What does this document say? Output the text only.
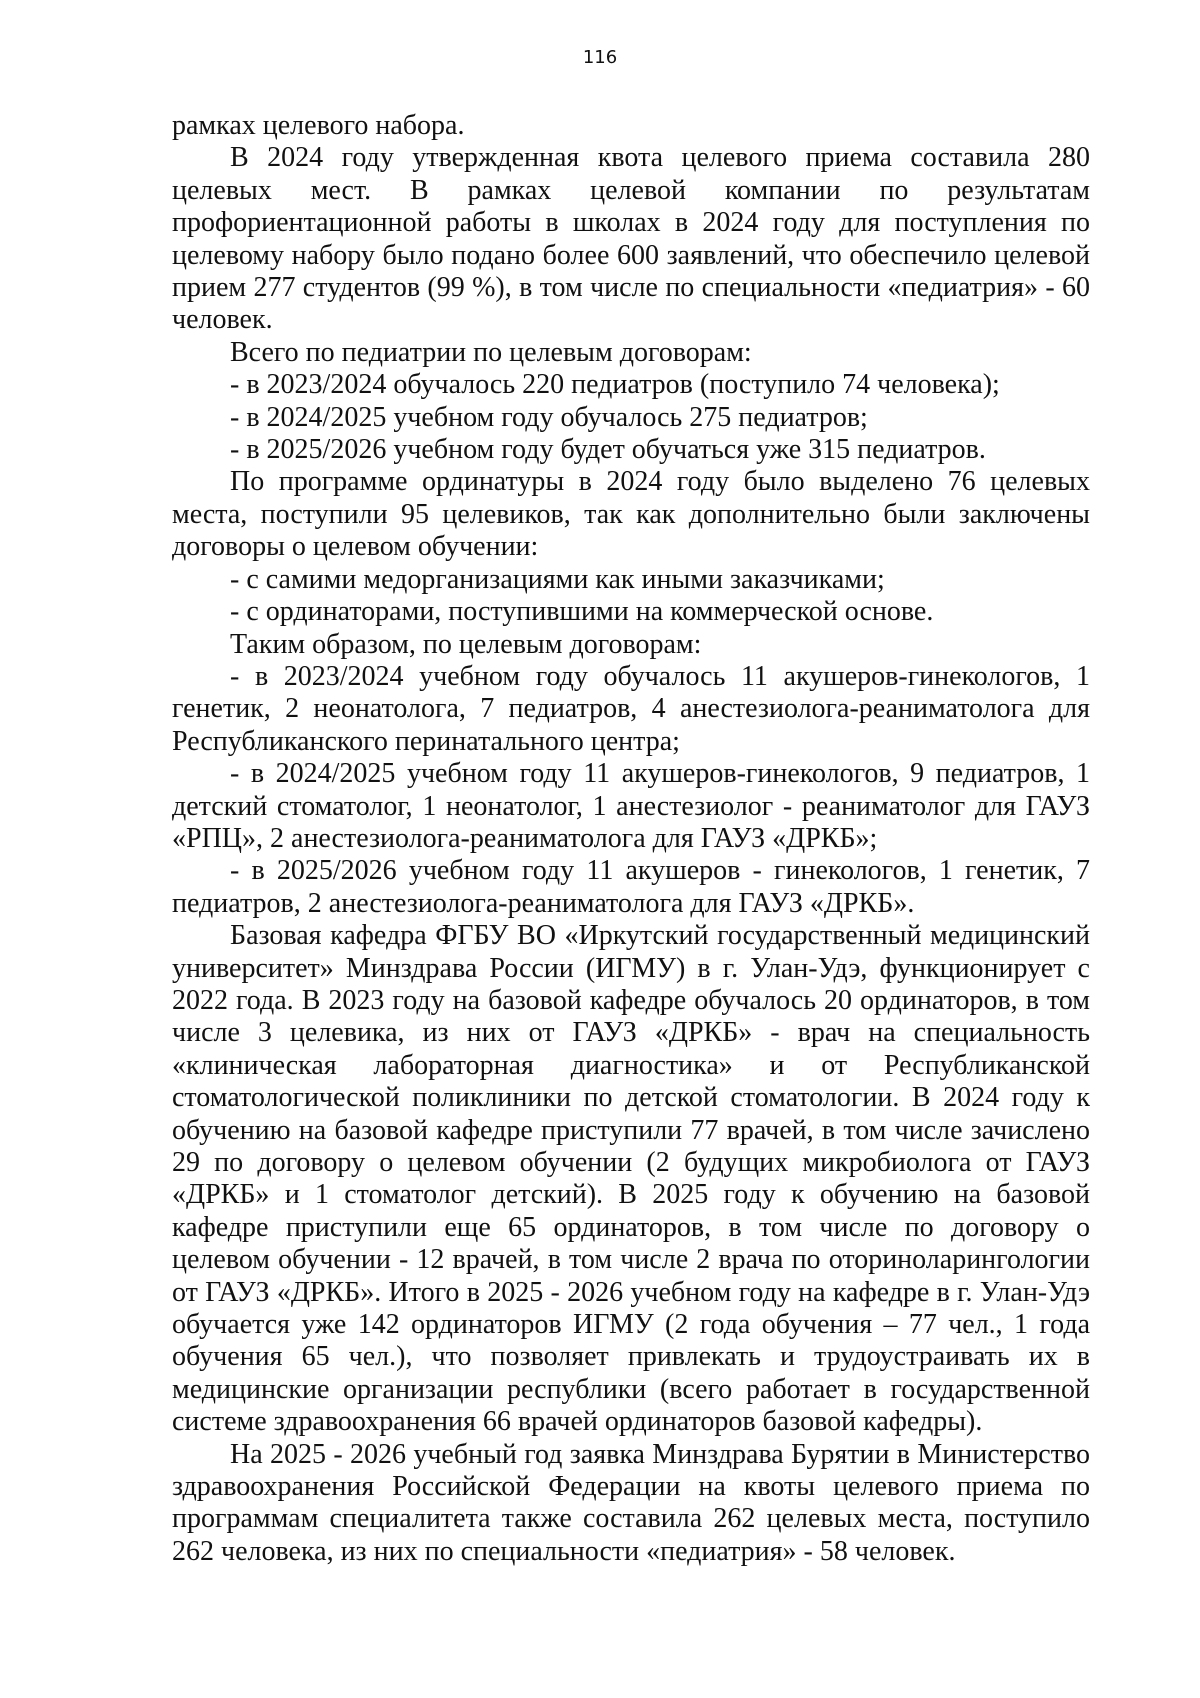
116

рамках целевого набора.

В 2024 году утвержденная квота целевого приема составила 280 целевых мест. В рамках целевой компании по результатам профориентационной работы в школах в 2024 году для поступления по целевому набору было подано более 600 заявлений, что обеспечило целевой прием 277 студентов (99 %), в том числе по специальности «педиатрия» - 60 человек.

Всего по педиатрии по целевым договорам:

- в 2023/2024 обучалось 220 педиатров (поступило 74 человека);

- в 2024/2025 учебном году обучалось 275 педиатров;

- в 2025/2026 учебном году будет обучаться уже 315 педиатров.

По программе ординатуры в 2024 году было выделено 76 целевых места, поступили 95 целевиков, так как дополнительно были заключены договоры о целевом обучении:

- с самими медорганизациями как иными заказчиками;

- с ординаторами, поступившими на коммерческой основе.

Таким образом, по целевым договорам:

- в 2023/2024 учебном году обучалось 11 акушеров-гинекологов, 1 генетик, 2 неонатолога, 7 педиатров, 4 анестезиолога-реаниматолога для Республиканского перинатального центра;

- в 2024/2025 учебном году 11 акушеров-гинекологов, 9 педиатров, 1 детский стоматолог, 1 неонатолог, 1 анестезиолог - реаниматолог для ГАУЗ «РПЦ», 2 анестезиолога-реаниматолога для ГАУЗ «ДРКБ»;

- в 2025/2026 учебном году 11 акушеров - гинекологов, 1 генетик, 7 педиатров, 2 анестезиолога-реаниматолога для ГАУЗ «ДРКБ».

Базовая кафедра ФГБУ ВО «Иркутский государственный медицинский университет» Минздрава России (ИГМУ) в г. Улан-Удэ, функционирует с 2022 года. В 2023 году на базовой кафедре обучалось 20 ординаторов, в том числе 3 целевика, из них от ГАУЗ «ДРКБ» - врач на специальность «клиническая лабораторная диагностика» и от Республиканской стоматологической поликлиники по детской стоматологии. В 2024 году к обучению на базовой кафедре приступили 77 врачей, в том числе зачислено 29 по договору о целевом обучении (2 будущих микробиолога от ГАУЗ «ДРКБ» и 1 стоматолог детский). В 2025 году к обучению на базовой кафедре приступили еще 65 ординаторов, в том числе по договору о целевом обучении - 12 врачей, в том числе 2 врача по оториноларингологии от ГАУЗ «ДРКБ». Итого в 2025 - 2026 учебном году на кафедре в г. Улан-Удэ обучается уже 142 ординаторов ИГМУ (2 года обучения – 77 чел., 1 года обучения 65 чел.), что позволяет привлекать и трудоустраивать их в медицинские организации республики (всего работает в государственной системе здравоохранения 66 врачей ординаторов базовой кафедры).

На 2025 - 2026 учебный год заявка Минздрава Бурятии в Министерство здравоохранения Российской Федерации на квоты целевого приема по программам специалитета также составила 262 целевых места, поступило 262 человека, из них по специальности «педиатрия» - 58 человек.
